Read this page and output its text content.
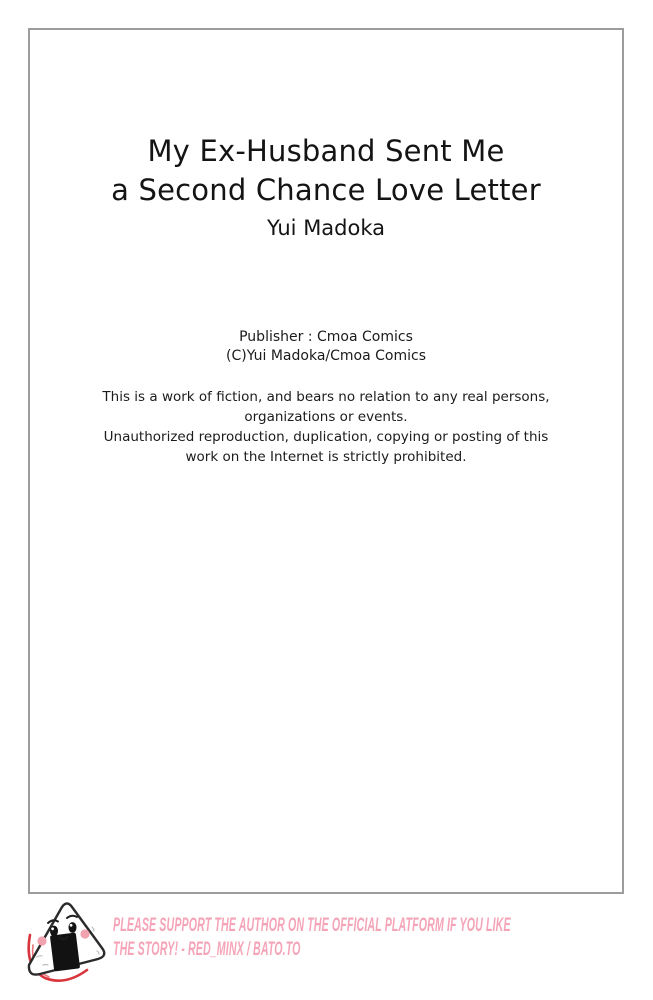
My Ex-Husband Sent Me
a Second Chance Love Letter
Yui Madoka
Publisher : Cmoa Comics
(C)Yui Madoka/Cmoa Comics
This is a work of fiction, and bears no relation to any real persons,
organizations or events.
Unauthorized reproduction, duplication, copying or posting of this
work on the Internet is strictly prohibited.
PLEASE SUPPORT THE AUTHOR ON THE OFFICIAL PLATFORM IF YOU LIKE
THE STORY! - RED_MINX / BATO.TO
